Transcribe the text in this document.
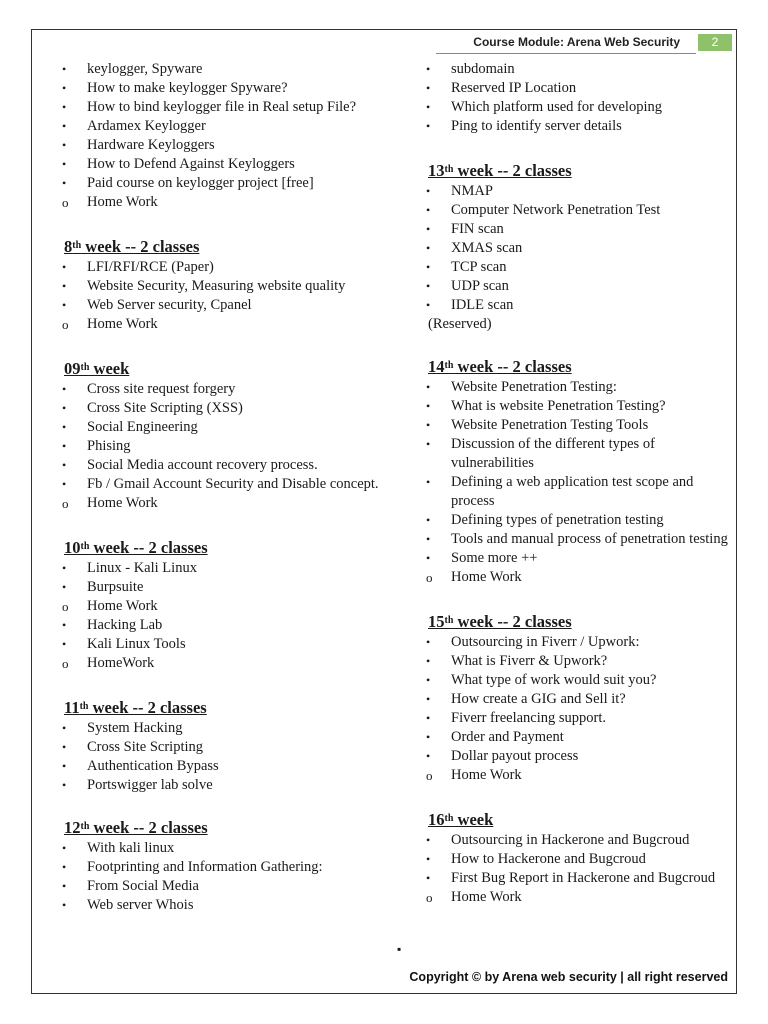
Course Module: Arena Web Security	2
•	keylogger, Spyware
•	How to make keylogger Spyware?
•	How to bind keylogger file in Real setup File?
•	Ardamex Keylogger
•	Hardware Keyloggers
•	How to Defend Against Keyloggers
•	Paid course on keylogger project [free]
o	Home Work
8th week -- 2 classes
•	LFI/RFI/RCE (Paper)
•	Website Security, Measuring website quality
•	Web Server security, Cpanel
o	Home Work
09th week
•	Cross site request forgery
•	Cross Site Scripting (XSS)
•	Social Engineering
•	Phising
•	Social Media account recovery process.
•	Fb / Gmail Account Security and Disable concept.
o	Home Work
10th week -- 2 classes
•	Linux - Kali Linux
•	Burpsuite
o	Home Work
•	Hacking Lab
•	Kali Linux Tools
o	HomeWork
11th week -- 2 classes
•	System Hacking
•	Cross Site Scripting
•	Authentication Bypass
•	Portswigger lab solve
12th week -- 2 classes
•	With kali linux
•	Footprinting and Information Gathering:
•	From Social Media
•	Web server Whois
•	subdomain
•	Reserved IP Location
•	Which platform used for developing
•	Ping to identify server details
13th week -- 2 classes
•	NMAP
•	Computer Network Penetration Test
•	FIN scan
•	XMAS scan
•	TCP scan
•	UDP scan
•	IDLE scan
(Reserved)
14th week -- 2 classes
•	Website Penetration Testing:
•	What is website Penetration Testing?
•	Website Penetration Testing Tools
•	Discussion of the different types of vulnerabilities
•	Defining a web application test scope and process
•	Defining types of penetration testing
•	Tools and manual process of penetration testing
•	Some more ++
o	Home Work
15th week -- 2 classes
•	Outsourcing in Fiverr / Upwork:
•	What is Fiverr & Upwork?
•	What type of work would suit you?
•	How create a GIG and Sell it?
•	Fiverr freelancing support.
•	Order and Payment
•	Dollar payout process
o	Home Work
16th week
•	Outsourcing in Hackerone and Bugcroud
•	How to Hackerone and Bugcroud
•	First Bug Report in Hackerone and Bugcroud
o	Home Work
▪
Copyright © by Arena web security | all right reserved
